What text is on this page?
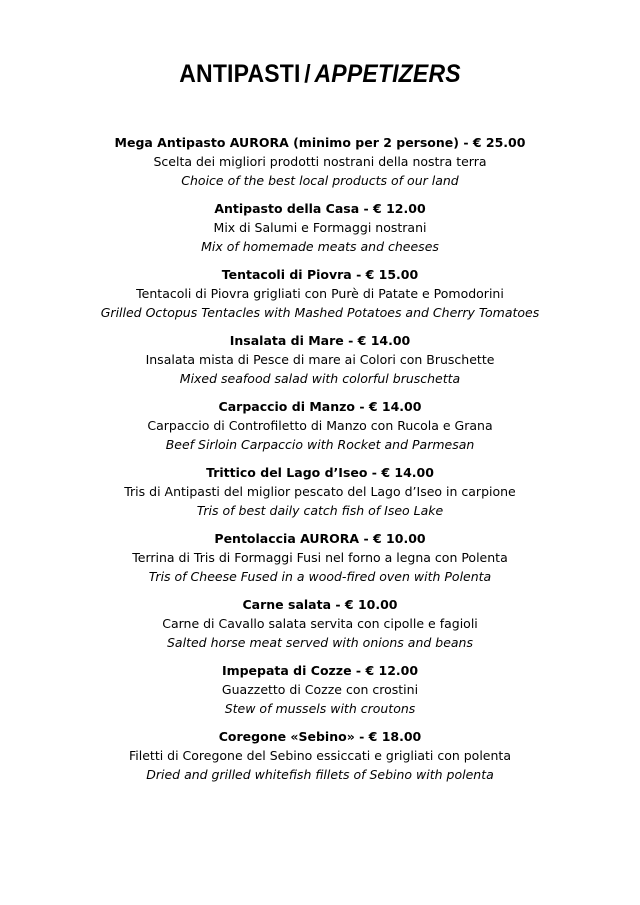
ANTIPASTI / APPETIZERS
Mega Antipasto AURORA (minimo per 2 persone) - € 25.00
Scelta dei migliori prodotti nostrani della nostra terra
Choice of the best local products of our land
Antipasto della Casa - € 12.00
Mix di Salumi e Formaggi nostrani
Mix of homemade meats and cheeses
Tentacoli di Piovra - € 15.00
Tentacoli di Piovra grigliati con Purè di Patate e Pomodorini
Grilled Octopus Tentacles with Mashed Potatoes and Cherry Tomatoes
Insalata di Mare - € 14.00
Insalata mista di Pesce di mare ai Colori con Bruschette
Mixed seafood salad with colorful bruschetta
Carpaccio di Manzo - € 14.00
Carpaccio di Controfiletto di Manzo con Rucola e Grana
Beef Sirloin Carpaccio with Rocket and Parmesan
Trittico del Lago d’Iseo - € 14.00
Tris di Antipasti del miglior pescato del Lago d’Iseo in carpione
Tris of best daily catch fish of Iseo Lake
Pentolaccia AURORA - € 10.00
Terrina di Tris di Formaggi Fusi nel forno a legna con Polenta
Tris of Cheese Fused in a wood-fired oven with Polenta
Carne salata - € 10.00
Carne di Cavallo salata servita con cipolle e fagioli
Salted horse meat served with onions and beans
Impepata di Cozze - € 12.00
Guazzetto di Cozze con crostini
Stew of mussels with croutons
Coregone «Sebino» - € 18.00
Filetti di Coregone del Sebino essiccati e grigliati con polenta
Dried and grilled whitefish fillets of Sebino with polenta
